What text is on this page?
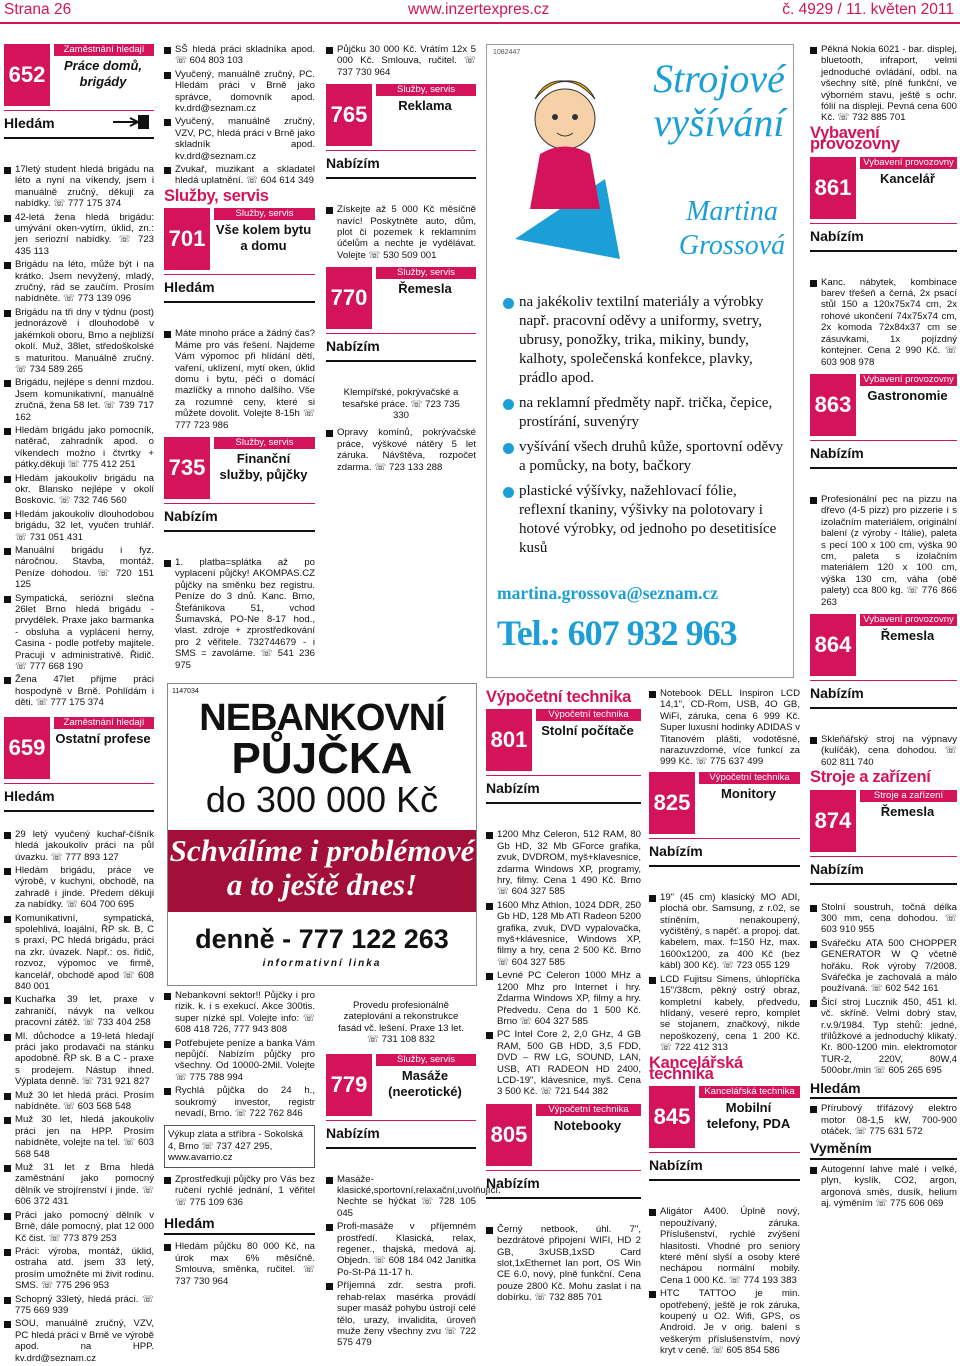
Strana 26	www.inzertexpres.cz	č. 4929 / 11. květen 2011
652
Zaměstnání hledají
Práce domů, brigády
Hledám
17letý student hledá brigádu na léto a nyní na víkendy, jsem i manuálně zručný, děkuji za nabídky. ☏ 777 175 374
42-letá žena hledá brigádu: umývání oken-vytírn, úklid, zn.: jen seriozní nabídky. ☏ 723 435 113
Brigádu na léto, může být i na krátko. Jsem nevyžený, mladý, zručný, rád se zaučím. Prosím nabídněte. ☏ 773 139 096
Brigádu na tři dny v týdnu (post) jednorázově i dlouhodobě v jakémkoli oboru, Brno a nejbližší okolí. Muž, 38let, středoškolské s maturitou. Manuálně zručný. ☏ 734 589 265
Brigádu, nejlépe s denní mzdou. Jsem komunikativní, manuálně zručná, žena 58 let. ☏ 739 717 162
Hledám brigádu jako pomocník, natěrač, zahradník apod. o víkendech možno i čtvrtky + pátky.děkuji ☏ 775 412 251
Hledám jakoukoliv brigádu na okr. Blansko nejlépe v okolí Boskovic. ☏ 732 746 560
Hledám jakoukoliv dlouhodobou brigádu, 32 let, vyučen truhlář. ☏ 731 051 431
Manuální brigádu i fyz. náročnou. Stavba, montáž. Peníze dohodou. ☏ 720 151 125
Sympatická, seriózní slečna 26let Brno hledá brigádu - prvydělek. Praxe jako barmanka - obsluha a vyplácení herny, Casina - podle potřeby majitele. Pracuji v administrativě. Řidič. ☏ 777 668 190
Žena 47let přijme práci hospodyně v Brně. Pohlídám i děti. ☏ 777 175 374
659
Zaměstnání hledají
Ostatní profese
Hledám
29 letý vyučený kuchař-číšník hledá jakoukoliv práci na půl úvazku. ☏ 777 893 127
Hledám brigádu, práce ve výrobě, v kuchyni, obchodě, na zahradě i jinde. Předem děkuji za nabídky. ☏ 604 700 695
Komunikativní, sympatická, spolehlivá, loajální, ŘP sk. B, C s praxí, PC hledá brigádu, práci na zkr. úvazek. Např.: os. řidič, rozvoz, výpomoc ve firmě, kancelář, obchodě apod ☏ 608 840 001
Kuchařka 39 let, praxe v zahraničí, návyk na velkou pracovní zátěž. ☏ 733 404 258
Ml. důchodce a 19-letá hledají práci jako prodavači na stánku apodobně. ŘP sk. B a C - praxe s prodejem. Nástup ihned. Výplata denně. ☏ 731 921 827
Muž 30 let hledá práci. Prosím nabídněte. ☏ 603 568 548
Muž 30 let, hledá jakoukoliv práci jen na HPP. Prosím nabídněte, volejte na tel. ☏ 603 568 548
Muž 31 let z Brna hledá zaměstnání jako pomocný dělník ve strojírenství i jinde. ☏ 606 372 431
Práci jako pomocný dělník v Brně, dále pomocný, plat 12 000 Kč čist. ☏ 773 879 253
Práci: výroba, montáž, úklid, ostraha atd. jsem 33 letý, prosím umožněte mi živit rodinu. SMS. ☏ 775 296 953
Schopný 33letý, hledá práci. ☏ 775 669 939
SOU, manuálně zručný, VZV, PC hledá práci v Brně ve výrobě apod. na HPP. kv.drd@seznam.cz
SŠ hledá práci skladníka apod. ☏ 604 803 103
Vyučený, manuálně zručný, PC. Hledám práci v Brně jako správce, domovník apod. kv.drd@seznam.cz
Vyučený, manuálně zručný, VZV, PC, hledá práci v Brně jako skladník apod. kv.drd@seznam.cz
Zvukař, muzikant a skladatel hledá uplatnění. ☏ 604 614 349
Služby, servis
701
Služby, servis
Vše kolem bytu a domu
Hledám
Máte mnoho práce a žádný čas? Máme pro vás řešení. Najdeme Vám výpomoc při hlídání dětí, vaření, uklízení, mytí oken, úklid domu i bytu, péči o domácí mazlíčky a mnoho dalšího. Vše za rozumné ceny, které si můžete dovolit. Volejte 8-15h ☏ 777 723 986
735
Služby, servis
Finanční služby, půjčky
Nabízím
1. platba=splátka až po vyplacení půjčky! AKOMPAS.CZ půjčky na směnku bez registru. Peníze do 3 dnů. Kanc. Brno, Štefánikova 51, vchod Šumavská, PO-Ne 8-17 hod., vlast. zdroje + zprostředkování pro 2 věřitele. 732744679 - i SMS = zavoláme. ☏ 541 236 975
Nebankovní sektor!! Půjčky i pro rizik. k. i s exekucí. Akce 300tis. super nízké spl. Volejte info: ☏ 608 418 726, 777 943 808
Potřebujete peníze a banka Vám nepůjčí. Nabízím půjčky pro všechny. Od 10000-2Mil. Volejte ☏ 775 788 994
Rychlá půjčka do 24 h., soukromý investor, registr nevadí, Brno. ☏ 722 762 846
Výkup zlata a stříbra - Sokolská 4, Brno ☏ 737 427 295, www.avarrio.cz
Zprostředkuji půjčky pro Vás bez ručení rychlé jednání, 1 věřitel ☏ 775 109 636
Hledám
Hledám půjčku 80 000 Kč, na úrok max 6% měsíčně. Smlouva, směnka, ručitel. ☏ 737 730 964
Půjčku 30 000 Kč. Vrátím 12x 5 000 Kč. Smlouva, ručitel. ☏ 737 730 964
765
Služby, servis
Reklama
Nabízím
Získejte až 5 000 Kč měsíčně navíc! Poskytněte auto, dům, plot či pozemek k reklamním účelům a nechte je vydělávat. Volejte ☏ 530 509 001
770
Služby, servis
Řemesla
Nabízím
Klempířské, pokrývačské a tesařské práce. ☏ 723 735 330
Opravy komínů, pokrývačské práce, výškové nátěry 5 let záruka. Návštěva, rozpočet zdarma. ☏ 723 133 288
Provedu profesionálně zateplování a rekonstrukce fasád vč. lešení. Praxe 13 let. ☏ 731 108 832
779
Služby, servis
Masáže (neerotické)
Nabízím
Masáže-klasické,sportovní,relaxační,uvolňující. Nechte se hýčkat ☏ 728 105 045
Profi-masáže v příjemném prostředí. Klasická, relax, regener., thajská, medová aj. Objedn. ☏ 608 184 042 Janitka Po-St-Pá 11-17 h.
Příjemná zdr. sestra profi. rehab-relax masérka provádí super masáž pohybu ústrojí celé tělo, urazy, invalidita, úroveň muže ženy všechny zvu ☏ 722 575 479
1082447
Strojové
vyšívání
Martina
Grossová
na jakékoliv textilní materiály a výrobky např. pracovní oděvy a uniformy, svetry, ubrusy, ponožky, trika, mikiny, bundy, kalhoty, společenská konfekce, plavky, prádlo apod.
na reklamní předměty např. trička, čepice, prostírání, suvenýry
vyšívání všech druhů kůže, sportovní oděvy a pomůcky, na boty, bačkory
plastické výšívky, nažehlovací fólie, reflexní tkaniny, výšivky na polotovary i hotové výrobky, od jednoho po desetitisíce kusů
martina.grossova@seznam.cz
Tel.: 607 932 963
1147034
NEBANKOVNÍ
PŮJČKA
do 300 000 Kč
Schválíme i problémové a to ještě dnes!
denně - 777 122 263
informativní linka
Výpočetní technika
801
Výpočetní technika
Stolní počítače
Nabízím
1200 Mhz Celeron, 512 RAM, 80 Gb HD, 32 Mb GForce grafika, zvuk, DVDROM, myš+klavesnice, zdarma Windows XP, programy, hry, filmy. Cena 1 490 Kč. Brno ☏ 604 327 585
1600 Mhz Athlon, 1024 DDR, 250 Gb HD, 128 Mb ATI Radeon 5200 grafika, zvuk, DVD vypalovačka, myš+klávesnice, Windows XP, filmy a hry, cena 2 500 Kč. Brno ☏ 604 327 585
Levné PC Celeron 1000 MHz a 1200 Mhz pro Internet i hry. Zdarma Windows XP, filmy a hry. Předvedu. Cena do 1 500 Kč. Brno ☏ 604 327 585
PC Intel Core 2, 2,0 GHz, 4 GB RAM, 500 GB HDD, 3,5 FDD, DVD – RW LG, SOUND, LAN, USB, ATI RADEON HD 2400, LCD-19", klávesnice, myš. Cena 3 500 Kč. ☏ 721 544 382
805
Výpočetní technika
Notebooky
Nabízím
Černý netbook, úhl. 7", bezdrátové připojení WIFI, HD 2 GB, 3xUSB,1xSD Card slot,1xEthernet lan port, OS Win CE 6.0, nový, plně funkční. Cena pouze 2800 Kč. Mohu zaslat i na dobírku. ☏ 732 885 701
Notebook DELL Inspiron LCD 14,1", CD-Rom, USB, 4O GB, WiFi, záruka, cena 6 999 Kč. Super luxusní hodinky ADIDAS v Titanovém plášti, vodotěsné, narazuvzdorné, více funkcí za 999 Kč. ☏ 775 637 499
825
Výpočetní technika
Monitory
Nabízím
19" (45 cm) klasický MO ADI, plochá obr. Samsung, z r.02, se stíněním, nenakoupený, vyčištěný, s napěť. a propoj. dat. kabelem, max. f=150 Hz, max. 1600x1200, za 400 Kč (bez kábl) 300 Kč). ☏ 723 055 129
LCD Fujitsu Simens, úhlopříčka 15"/38cm, pěkný ostrý obraz, kompletní kabely, předvedu, hlídaný, veseré repro, komplet se stojanem, značkový, nikde nepoškozený, cena 1 200 Kč. ☏ 722 412 313
Kancelářská technika
845
Kancelářská technika
Mobilní telefony, PDA
Nabízím
Aligátor A400. Úplně nový, nepoužívaný, záruka. Příslušenství, rychlé zvýšení hlasitosti. Vhodné pro seniory které mění slyší a osoby které nechápou normální mobily. Cena 1 000 Kč. ☏ 774 193 383
HTC TATTOO je min. opotřebený, ještě je rok záruka, koupený u O2. Wifi, GPS, os Android. Je v orig. balení s veškerým příslušenstvím, nový kryt v ceně. ☏ 605 854 586
Pěkná Nokia 6021 - bar. displej, bluetooth, infraport, velmi jednoduché ovládání, odbl. na všechny sítě, plně funkční, ve výborném stavu, ještě s ochr. fólií na displeji. Pevná cena 600 Kč. ☏ 732 885 701
Vybavení provozovny
861
Vybavení provozovny
Kancelář
Nabízím
Kanc. nábytek, kombinace barev třešeň a černá, 2x psací stůl 150 a 120x75x74 cm, 2x rohové ukončení 74x75x74 cm, 2x komoda 72x84x37 cm se zásuvkami, 1x pojízdný kontejner. Cena 2 990 Kč. ☏ 603 908 978
863
Vybavení provozovny
Gastronomie
Nabízím
Profesionální pec na pizzu na dřevo (4-5 pizz) pro pizzerie i s izolačním materiálem, originální balení (z výroby - Itálie), paleta s pecí 100 x 100 cm, výška 90 cm, paleta s izolačním materiálem 120 x 100 cm, výška 130 cm, váha (obě palety) cca 800 kg. ☏ 776 866 263
864
Vybavení provozovny
Řemesla
Nabízím
Skleňářský stroj na výpnavy (kulíčák), cena dohodou. ☏ 602 811 740
Stroje a zařízení
874
Stroje a zařízení
Řemesla
Nabízím
Stolní soustruh, točná délka 300 mm, cena dohodou. ☏ 603 910 955
Svářečku ATA 500 CHOPPER GENERATOR W Q včetně hořáku. Rok výroby 7/2008. Svářečka je zachovalá a málo používaná. ☏ 602 542 161
Šicí stroj Lucznik 450, 451 kl. vč. skříně. Velmi dobrý stav, r.v.9/1984. Typ stehů: jedné, třílůžkové a jednoduchý klikatý. Kr. 800-1200 min. elektromotor TUR-2, 220V, 80W,4 500obr./min ☏ 605 265 695
Hledám
Přírubový třífázový elektro motor 08-1,5 kW, 700-900 otáček. ☏ 775 631 572
Vyměním
Autogenní lahve malé i velké, plyn, kyslík, CO2, argon, argonová směs, dusík, helium aj. výměním ☏ 775 606 069
